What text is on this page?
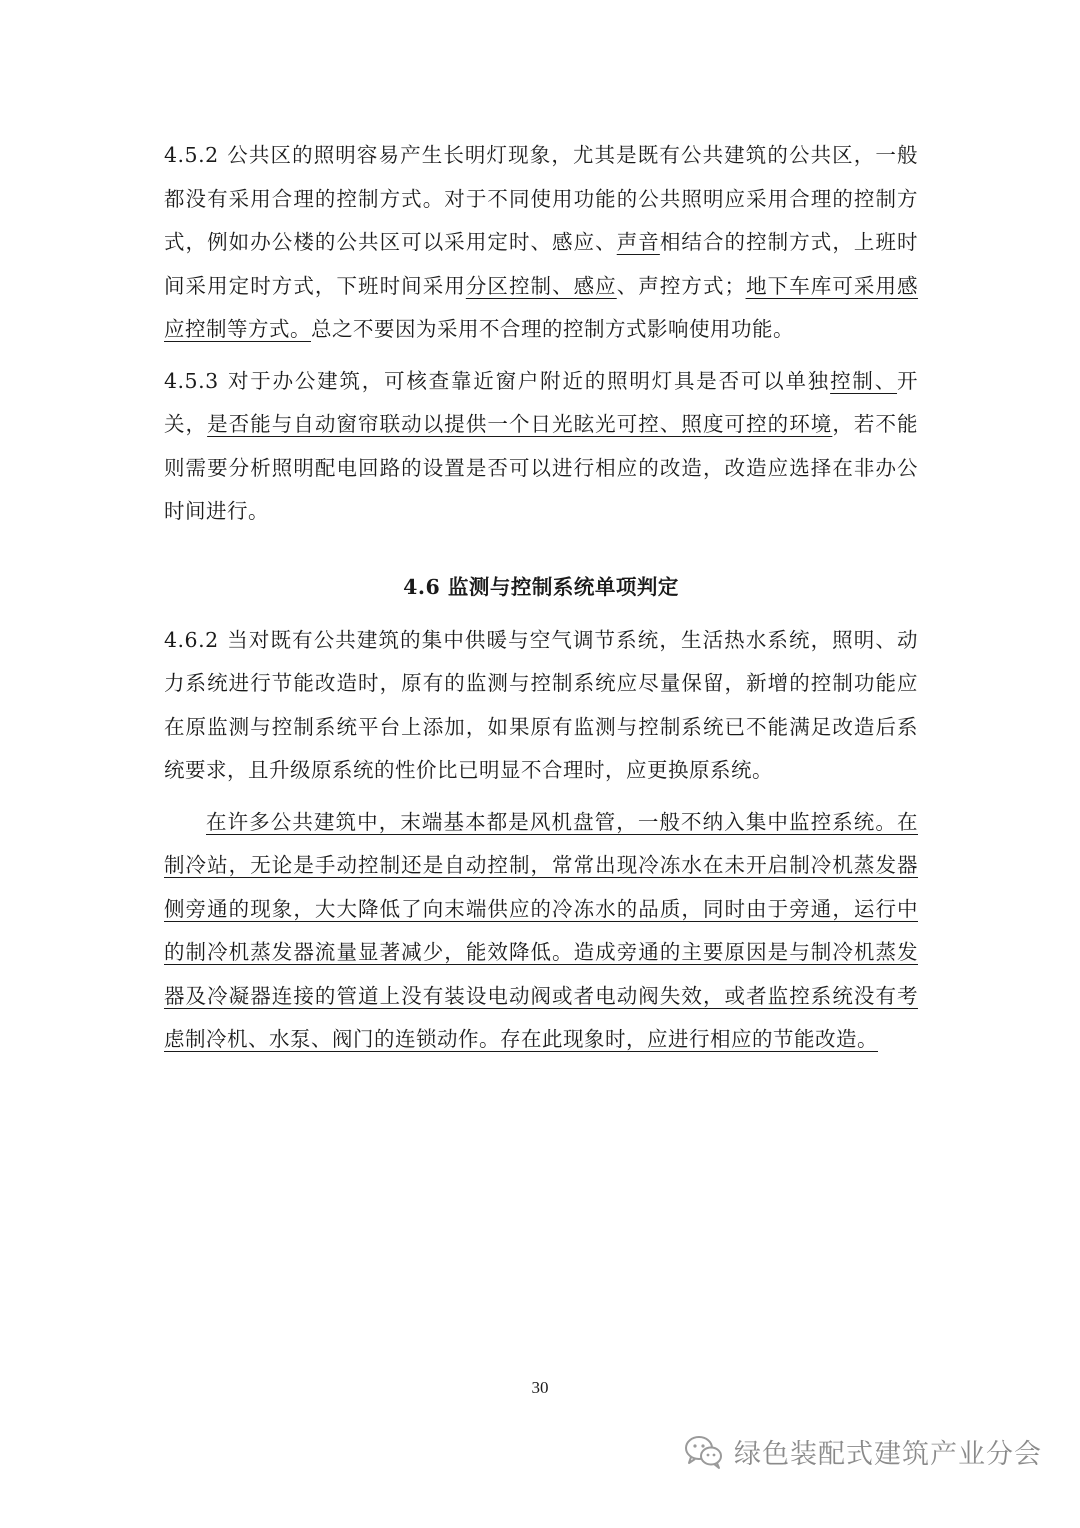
4.5.2 公共区的照明容易产生长明灯现象，尤其是既有公共建筑的公共区，一般都没有采用合理的控制方式。对于不同使用功能的公共照明应采用合理的控制方式，例如办公楼的公共区可以采用定时、感应、声音相结合的控制方式，上班时间采用定时方式，下班时间采用分区控制、感应、声控方式；地下车库可采用感应控制等方式。总之不要因为采用不合理的控制方式影响使用功能。

4.5.3 对于办公建筑，可核查靠近窗户附近的照明灯具是否可以单独控制、开关，是否能与自动窗帘联动以提供一个日光眩光可控、照度可控的环境，若不能则需要分析照明配电回路的设置是否可以进行相应的改造，改造应选择在非办公时间进行。

4.6 监测与控制系统单项判定

4.6.2 当对既有公共建筑的集中供暖与空气调节系统，生活热水系统，照明、动力系统进行节能改造时，原有的监测与控制系统应尽量保留，新增的控制功能应在原监测与控制系统平台上添加，如果原有监测与控制系统已不能满足改造后系统要求，且升级原系统的性价比已明显不合理时，应更换原系统。

在许多公共建筑中，末端基本都是风机盘管，一般不纳入集中监控系统。在制冷站，无论是手动控制还是自动控制，常常出现冷冻水在未开启制冷机蒸发器侧旁通的现象，大大降低了向末端供应的冷冻水的品质，同时由于旁通，运行中的制冷机蒸发器流量显著减少，能效降低。造成旁通的主要原因是与制冷机蒸发器及冷凝器连接的管道上没有装设电动阀或者电动阀失效，或者监控系统没有考虑制冷机、水泵、阀门的连锁动作。存在此现象时，应进行相应的节能改造。

30
绿色装配式建筑产业分会
